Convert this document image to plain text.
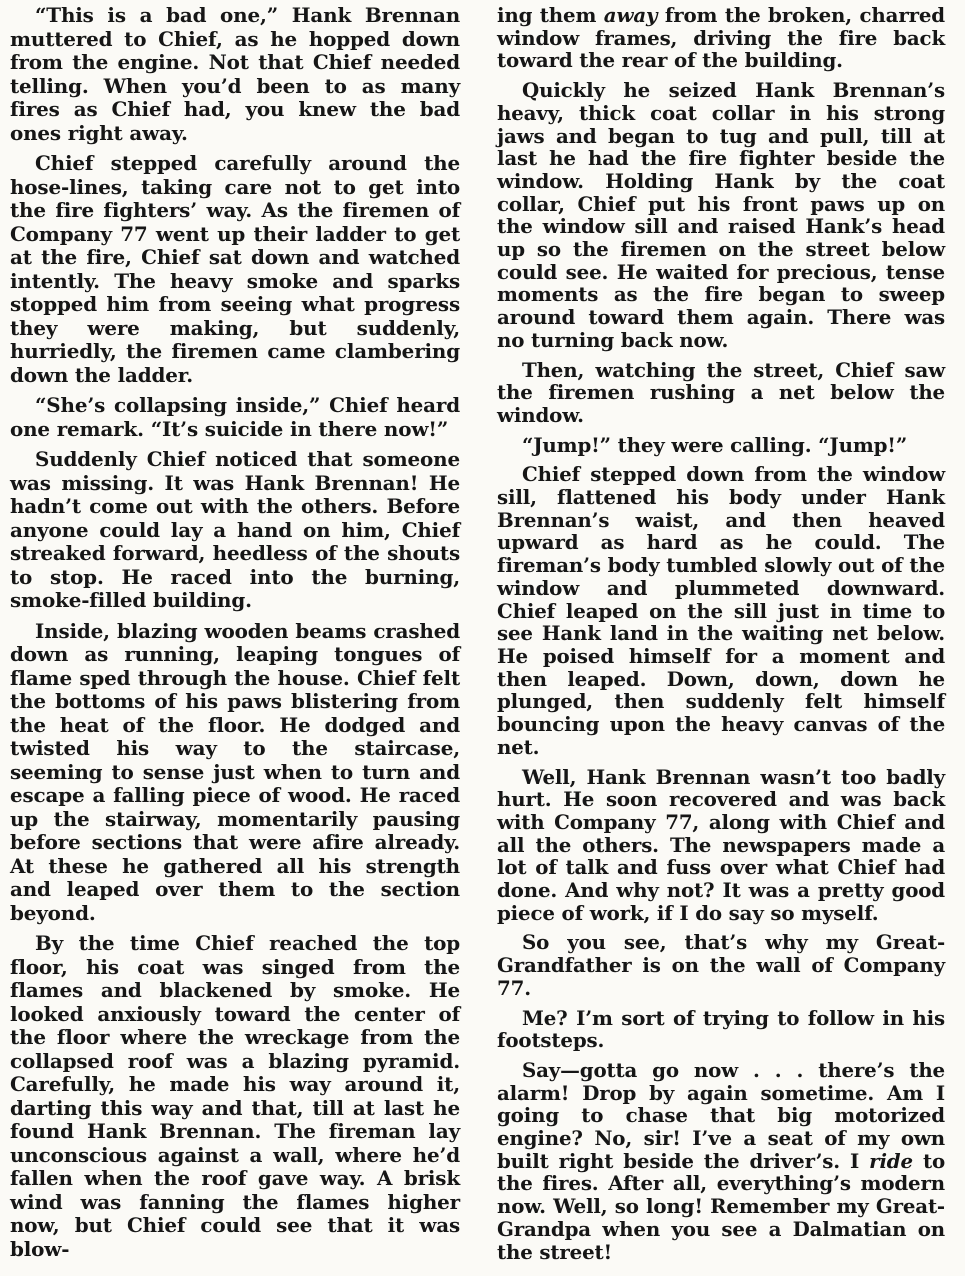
“This is a bad one,” Hank Brennan muttered to Chief, as he hopped down from the engine. Not that Chief needed telling. When you’d been to as many fires as Chief had, you knew the bad ones right away.

Chief stepped carefully around the hose-lines, taking care not to get into the fire fighters’ way. As the firemen of Company 77 went up their ladder to get at the fire, Chief sat down and watched intently. The heavy smoke and sparks stopped him from seeing what progress they were making, but suddenly, hurriedly, the firemen came clambering down the ladder.

“She’s collapsing inside,” Chief heard one remark. “It’s suicide in there now!”

Suddenly Chief noticed that someone was missing. It was Hank Brennan! He hadn’t come out with the others. Before anyone could lay a hand on him, Chief streaked forward, heedless of the shouts to stop. He raced into the burning, smoke-filled building.

Inside, blazing wooden beams crashed down as running, leaping tongues of flame sped through the house. Chief felt the bottoms of his paws blistering from the heat of the floor. He dodged and twisted his way to the staircase, seeming to sense just when to turn and escape a falling piece of wood. He raced up the stairway, momentarily pausing before sections that were afire already. At these he gathered all his strength and leaped over them to the section beyond.

By the time Chief reached the top floor, his coat was singed from the flames and blackened by smoke. He looked anxiously toward the center of the floor where the wreckage from the collapsed roof was a blazing pyramid. Carefully, he made his way around it, darting this way and that, till at last he found Hank Brennan. The fireman lay unconscious against a wall, where he’d fallen when the roof gave way. A brisk wind was fanning the flames higher now, but Chief could see that it was blow-

ing them away from the broken, charred window frames, driving the fire back toward the rear of the building.

Quickly he seized Hank Brennan’s heavy, thick coat collar in his strong jaws and began to tug and pull, till at last he had the fire fighter beside the window. Holding Hank by the coat collar, Chief put his front paws up on the window sill and raised Hank’s head up so the firemen on the street below could see. He waited for precious, tense moments as the fire began to sweep around toward them again. There was no turning back now.

Then, watching the street, Chief saw the firemen rushing a net below the window.

“Jump!” they were calling. “Jump!”

Chief stepped down from the window sill, flattened his body under Hank Brennan’s waist, and then heaved upward as hard as he could. The fireman’s body tumbled slowly out of the window and plummeted downward. Chief leaped on the sill just in time to see Hank land in the waiting net below. He poised himself for a moment and then leaped. Down, down, down he plunged, then suddenly felt himself bouncing upon the heavy canvas of the net.

Well, Hank Brennan wasn’t too badly hurt. He soon recovered and was back with Company 77, along with Chief and all the others. The newspapers made a lot of talk and fuss over what Chief had done. And why not? It was a pretty good piece of work, if I do say so myself.

So you see, that’s why my Great-Grandfather is on the wall of Company 77.

Me? I’m sort of trying to follow in his footsteps.

Say—gotta go now . . . there’s the alarm! Drop by again sometime. Am I going to chase that big motorized engine? No, sir! I’ve a seat of my own built right beside the driver’s. I ride to the fires. After all, everything’s modern now. Well, so long! Remember my Great-Grandpa when you see a Dalmatian on the street!
